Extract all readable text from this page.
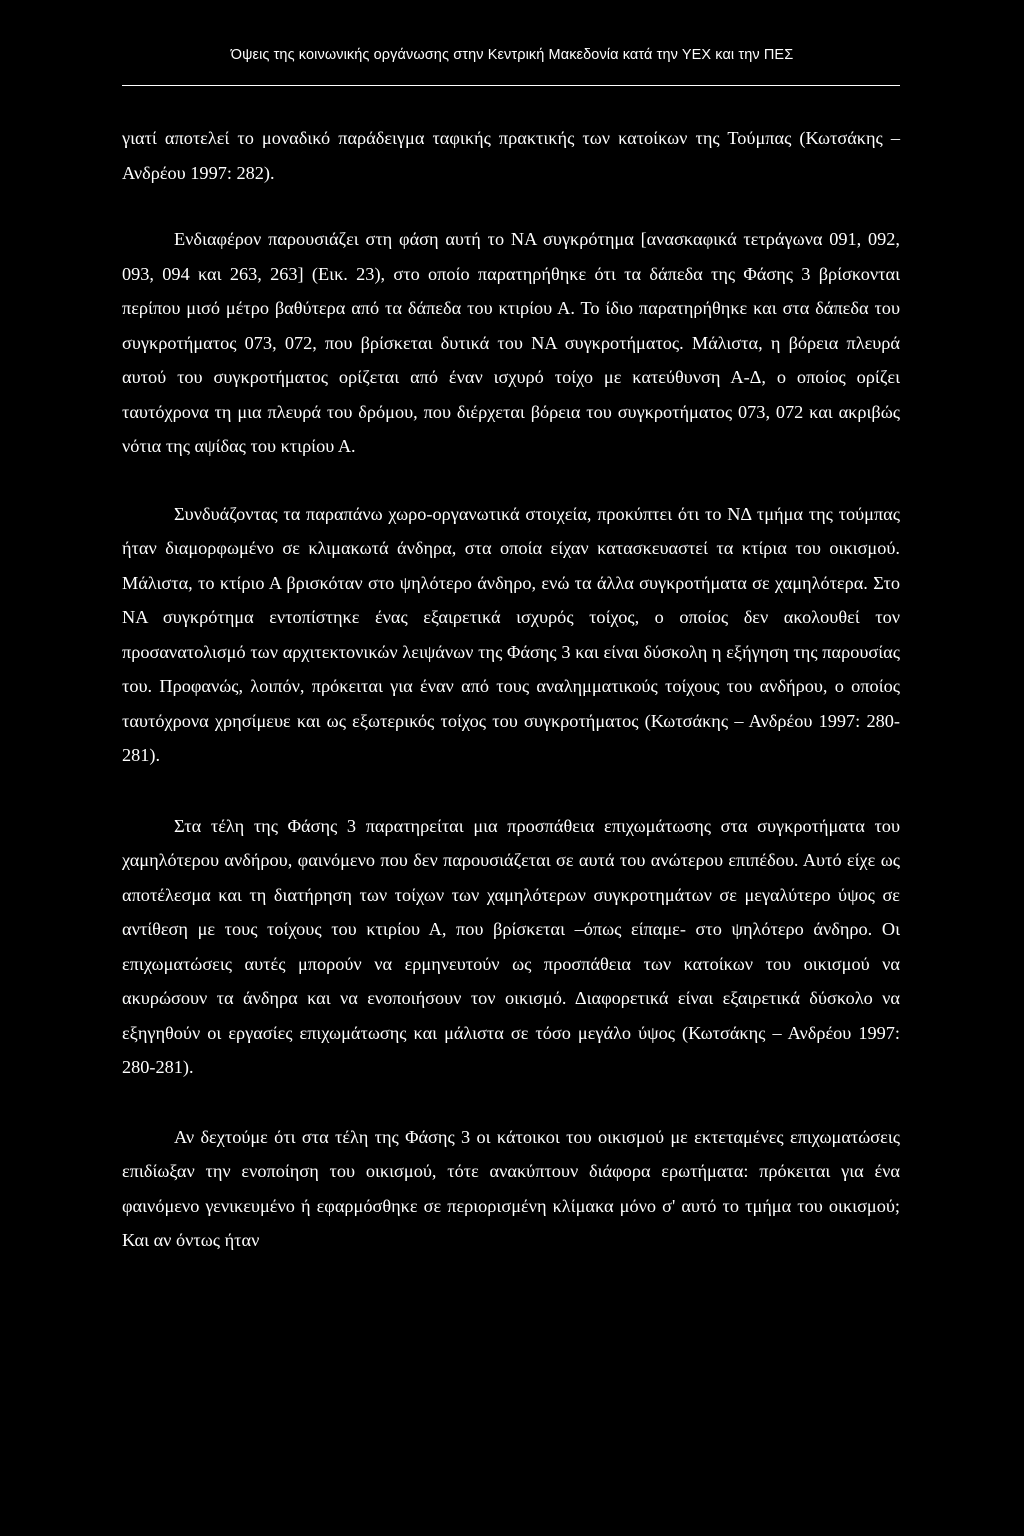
Όψεις της κοινωνικής οργάνωσης στην Κεντρική Μακεδονία κατά την ΥΕΧ και την ΠΕΣ

γιατί αποτελεί το μοναδικό παράδειγμα ταφικής πρακτικής των κατοίκων της Τούμπας (Κωτσάκης – Ανδρέου 1997: 282).

Ενδιαφέρον παρουσιάζει στη φάση αυτή το ΝΑ συγκρότημα [ανασκαφικά τετράγωνα 091, 092, 093, 094 και 263, 263] (Εικ. 23), στο οποίο παρατηρήθηκε ότι τα δάπεδα της Φάσης 3 βρίσκονται περίπου μισό μέτρο βαθύτερα από τα δάπεδα του κτιρίου Α. Το ίδιο παρατηρήθηκε και στα δάπεδα του συγκροτήματος 073, 072, που βρίσκεται δυτικά του ΝΑ συγκροτήματος. Μάλιστα, η βόρεια πλευρά αυτού του συγκροτήματος ορίζεται από έναν ισχυρό τοίχο με κατεύθυνση Α-Δ, ο οποίος ορίζει ταυτόχρονα τη μια πλευρά του δρόμου, που διέρχεται βόρεια του συγκροτήματος 073, 072 και ακριβώς νότια της αψίδας του κτιρίου Α.

Συνδυάζοντας τα παραπάνω χωρο-οργανωτικά στοιχεία, προκύπτει ότι το ΝΔ τμήμα της τούμπας ήταν διαμορφωμένο σε κλιμακωτά άνδηρα, στα οποία είχαν κατασκευαστεί τα κτίρια του οικισμού. Μάλιστα, το κτίριο Α βρισκόταν στο ψηλότερο άνδηρο, ενώ τα άλλα συγκροτήματα σε χαμηλότερα. Στο ΝΑ συγκρότημα εντοπίστηκε ένας εξαιρετικά ισχυρός τοίχος, ο οποίος δεν ακολουθεί τον προσανατολισμό των αρχιτεκτονικών λειψάνων της Φάσης 3 και είναι δύσκολη η εξήγηση της παρουσίας του. Προφανώς, λοιπόν, πρόκειται για έναν από τους αναλημματικούς τοίχους του ανδήρου, ο οποίος ταυτόχρονα χρησίμευε και ως εξωτερικός τοίχος του συγκροτήματος (Κωτσάκης – Ανδρέου 1997: 280-281).

Στα τέλη της Φάσης 3 παρατηρείται μια προσπάθεια επιχωμάτωσης στα συγκροτήματα του χαμηλότερου ανδήρου, φαινόμενο που δεν παρουσιάζεται σε αυτά του ανώτερου επιπέδου. Αυτό είχε ως αποτέλεσμα και τη διατήρηση των τοίχων των χαμηλότερων συγκροτημάτων σε μεγαλύτερο ύψος σε αντίθεση με τους τοίχους του κτιρίου Α, που βρίσκεται –όπως είπαμε- στο ψηλότερο άνδηρο. Οι επιχωματώσεις αυτές μπορούν να ερμηνευτούν ως προσπάθεια των κατοίκων του οικισμού να ακυρώσουν τα άνδηρα και να ενοποιήσουν τον οικισμό. Διαφορετικά είναι εξαιρετικά δύσκολο να εξηγηθούν οι εργασίες επιχωμάτωσης και μάλιστα σε τόσο μεγάλο ύψος (Κωτσάκης – Ανδρέου 1997: 280-281).

Αν δεχτούμε ότι στα τέλη της Φάσης 3 οι κάτοικοι του οικισμού με εκτεταμένες επιχωματώσεις επιδίωξαν την ενοποίηση του οικισμού, τότε ανακύπτουν διάφορα ερωτήματα: πρόκειται για ένα φαινόμενο γενικευμένο ή εφαρμόσθηκε σε περιορισμένη κλίμακα μόνο σ' αυτό το τμήμα του οικισμού; Και αν όντως ήταν
